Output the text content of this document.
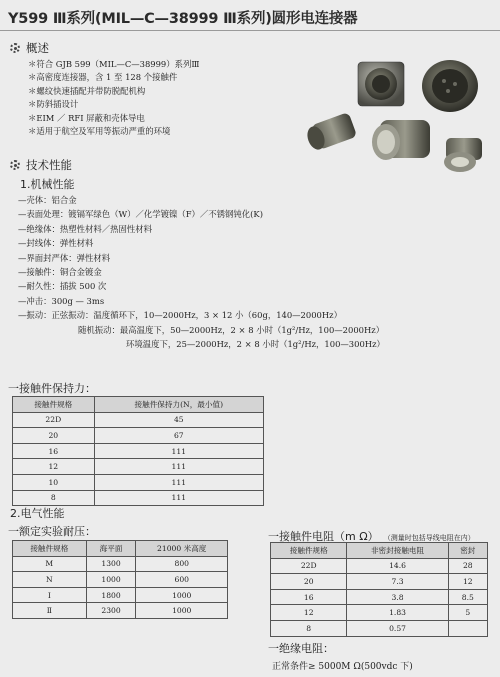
Y599 Ⅲ系列(MIL—C—38999 Ⅲ系列)圆形电连接器
概述
＊符合 GJB 599（MIL—C—38999）系列Ⅲ
＊高密度连接器，含 1 至 128 个接触件
＊螺纹快速插配并带防脱配机构
＊防斜插设计
＊EIM ／ RFI 屏蔽和壳体导电
＊适用于航空及军用等振动严重的环境
技术性能
1.机械性能
—壳体：铝合金
—表面处理：镀镉军绿色（W）／化学镀镍（F）／不锈钢钝化(K)
—绝缘体：热塑性材料／热固性材料
—封线体：弹性材料
—界面封严体：弹性材料
—接触件：铜合金镀金
—耐久性：插拔 500 次
—冲击：300g — 3ms
—振动：正弦振动：温度循环下，10—2000Hz，3 × 12 小（60g，140—2000Hz）
随机振动：最高温度下，50—2000Hz，2 × 8 小时（1g²/Hz，100—2000Hz）
环境温度下，25—2000Hz，2 × 8 小时（1g²/Hz，100—300Hz）
一接触件保持力：
接触件规格	接触件保持力(N，最小值)
22D	45
20	67
16	111
12	111
10	111
8	111
2.电气性能
一额定实验耐压：
接触件规格	海平面	21000 米高度
M	1300	800
N	1000	600
I	1800	1000
Ⅱ	2300	1000
一接触件电阻（m Ω） （测量时包括导线电阻在内）
接触件规格	非密封接触电阻	密封
22D	14.6	28
20	7.3	12
16	3.8	8.5
12	1.83	5
8	0.57	
一绝缘电阻：
正常条件≥ 5000M Ω(500vdc 下)
